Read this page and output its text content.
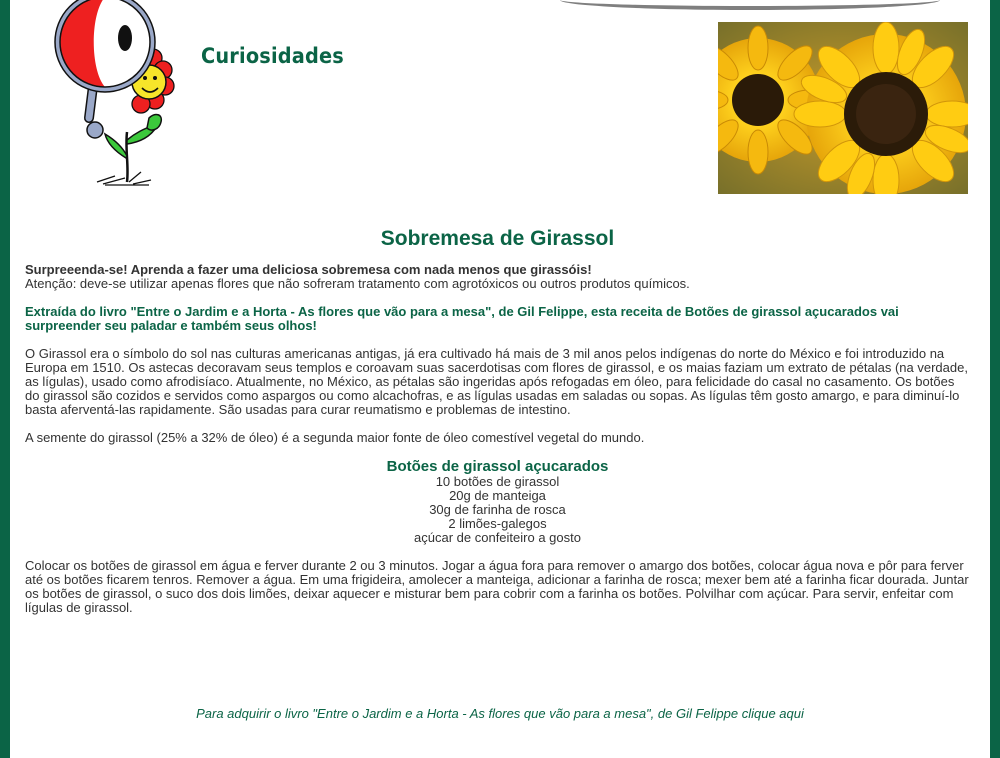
Curiosidades
Sobremesa de Girassol

Surpreeenda-se! Aprenda a fazer uma deliciosa sobremesa com nada menos que girassóis!
Atenção: deve-se utilizar apenas flores que não sofreram tratamento com agrotóxicos ou outros produtos químicos.

Extraída do livro "Entre o Jardim e a Horta - As flores que vão para a mesa", de Gil Felippe, esta receita de Botões de girassol açucarados vai surpreender seu paladar e também seus olhos!

O Girassol era o símbolo do sol nas culturas americanas antigas, já era cultivado há mais de 3 mil anos pelos indígenas do norte do México e foi introduzido na Europa em 1510. Os astecas decoravam seus templos e coroavam suas sacerdotisas com flores de girassol, e os maias faziam um extrato de pétalas (na verdade, as lígulas), usado como afrodisíaco. Atualmente, no México, as pétalas são ingeridas após refogadas em óleo, para felicidade do casal no casamento. Os botões do girassol são cozidos e servidos como aspargos ou como alcachofras, e as lígulas usadas em saladas ou sopas. As lígulas têm gosto amargo, e para diminuí-lo basta aferventá-las rapidamente. São usadas para curar reumatismo e problemas de intestino.

A semente do girassol (25% a 32% de óleo) é a segunda maior fonte de óleo comestível vegetal do mundo.

Botões de girassol açucarados
10 botões de girassol
20g de manteiga
30g de farinha de rosca
2 limões-galegos
açúcar de confeiteiro a gosto

Colocar os botões de girassol em água e ferver durante 2 ou 3 minutos. Jogar a água fora para remover o amargo dos botões, colocar água nova e pôr para ferver até os botões ficarem tenros. Remover a água. Em uma frigideira, amolecer a manteiga, adicionar a farinha de rosca; mexer bem até a farinha ficar dourada. Juntar os botões de girassol, o suco dos dois limões, deixar aquecer e misturar bem para cobrir com a farinha os botões. Polvilhar com açúcar. Para servir, enfeitar com lígulas de girassol.

Para adquirir o livro "Entre o Jardim e a Horta - As flores que vão para a mesa", de Gil Felippe clique aqui
